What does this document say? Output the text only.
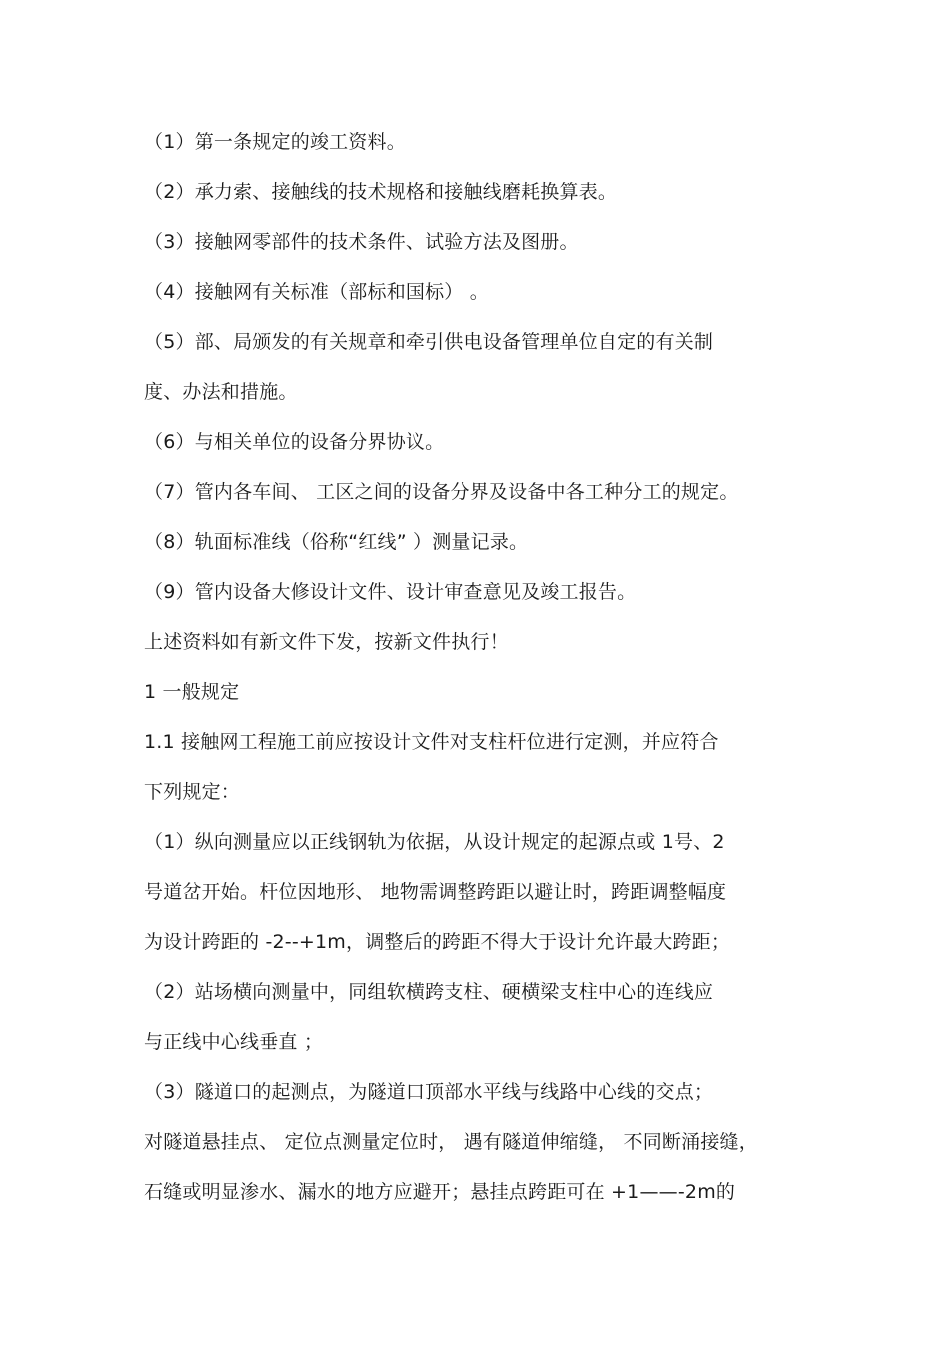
（1）第一条规定的竣工资料。
（2）承力索、接触线的技术规格和接触线磨耗换算表。
（3）接触网零部件的技术条件、试验方法及图册。
（4）接触网有关标准（部标和国标） 。
（5）部、局颁发的有关规章和牵引供电设备管理单位自定的有关制
度、办法和措施。
（6）与相关单位的设备分界协议。
（7）管内各车间、 工区之间的设备分界及设备中各工种分工的规定。
（8）轨面标准线（俗称“红线” ）测量记录。
（9）管内设备大修设计文件、设计审查意见及竣工报告。
上述资料如有新文件下发，按新文件执行！
1 一般规定
1.1 接触网工程施工前应按设计文件对支柱杆位进行定测，并应符合
下列规定：
（1）纵向测量应以正线钢轨为依据，从设计规定的起源点或 1号、2
号道岔开始。杆位因地形、 地物需调整跨距以避让时，跨距调整幅度
为设计跨距的 -2--+1m，调整后的跨距不得大于设计允许最大跨距；
（2）站场横向测量中，同组软横跨支柱、硬横梁支柱中心的连线应
与正线中心线垂直 ；
（3）隧道口的起测点，为隧道口顶部水平线与线路中心线的交点；
对隧道悬挂点、 定位点测量定位时， 遇有隧道伸缩缝， 不同断涌接缝，
石缝或明显渗水、漏水的地方应避开；悬挂点跨距可在 +1——-2m的
